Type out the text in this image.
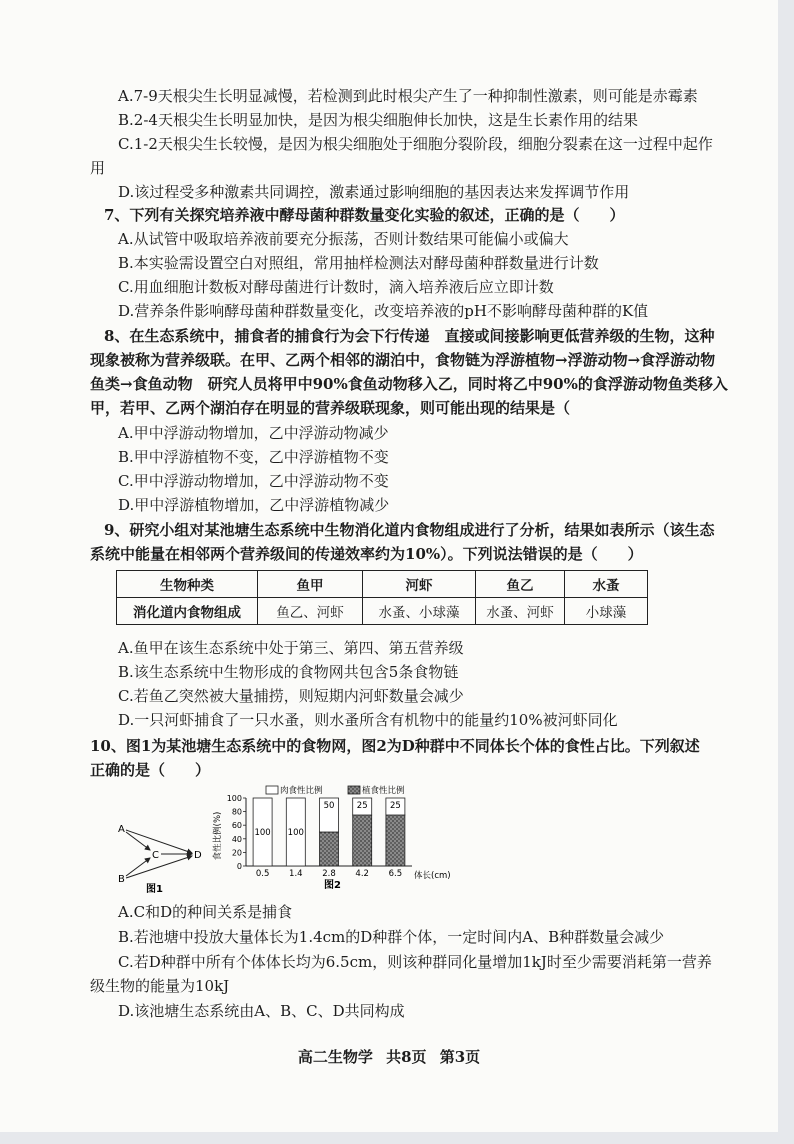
A.7-9天根尖生长明显减慢，若检测到此时根尖产生了一种抑制性激素，则可能是赤霉素
B.2-4天根尖生长明显加快，是因为根尖细胞伸长加快，这是生长素作用的结果
C.1-2天根尖生长较慢，是因为根尖细胞处于细胞分裂阶段，细胞分裂素在这一过程中起作
用
D.该过程受多种激素共同调控，激素通过影响细胞的基因表达来发挥调节作用
7、下列有关探究培养液中酵母菌种群数量变化实验的叙述，正确的是（　　）
A.从试管中吸取培养液前要充分振荡，否则计数结果可能偏小或偏大
B.本实验需设置空白对照组，常用抽样检测法对酵母菌种群数量进行计数
C.用血细胞计数板对酵母菌进行计数时，滴入培养液后应立即计数
D.营养条件影响酵母菌种群数量变化，改变培养液的pH不影响酵母菌种群的K值
8、在生态系统中，捕食者的捕食行为会下行传递　直接或间接影响更低营养级的生物，这种
现象被称为营养级联。在甲、乙两个相邻的湖泊中，食物链为浮游植物→浮游动物→食浮游动物
鱼类→食鱼动物　研究人员将甲中90%食鱼动物移入乙，同时将乙中90%的食浮游动物鱼类移入
甲，若甲、乙两个湖泊存在明显的营养级联现象，则可能出现的结果是（
A.甲中浮游动物增加，乙中浮游动物减少
B.甲中浮游植物不变，乙中浮游植物不变
C.甲中浮游动物增加，乙中浮游动物不变
D.甲中浮游植物增加，乙中浮游植物减少
9、研究小组对某池塘生态系统中生物消化道内食物组成进行了分析，结果如表所示（该生态
系统中能量在相邻两个营养级间的传递效率约为10%）。下列说法错误的是（　　）
生物种类	鱼甲	河虾	鱼乙	水蚤
消化道内食物组成	鱼乙、河虾	水蚤、小球藻	水蚤、河虾	小球藻
A.鱼甲在该生态系统中处于第三、第四、第五营养级
B.该生态系统中生物形成的食物网共包含5条食物链
C.若鱼乙突然被大量捕捞，则短期内河虾数量会减少
D.一只河虾捕食了一只水蚤，则水蚤所含有机物中的能量约10%被河虾同化
10、图1为某池塘生态系统中的食物网，图2为D种群中不同体长个体的食性占比。下列叙述
正确的是（　　）
A
B
C	D
图1
肉食性比例	植食性比例
食性比例(%)
100
80
60
40
20
0
100
0.5
100
1.4
50
2.8
25
4.2
25
6.5 体长(cm)
图2
A.C和D的种间关系是捕食
B.若池塘中投放大量体长为1.4cm的D种群个体，一定时间内A、B种群数量会减少
C.若D种群中所有个体体长均为6.5cm，则该种群同化量增加1kJ时至少需要消耗第一营养
级生物的能量为10kJ
D.该池塘生态系统由A、B、C、D共同构成
高二生物学 共8页 第3页
